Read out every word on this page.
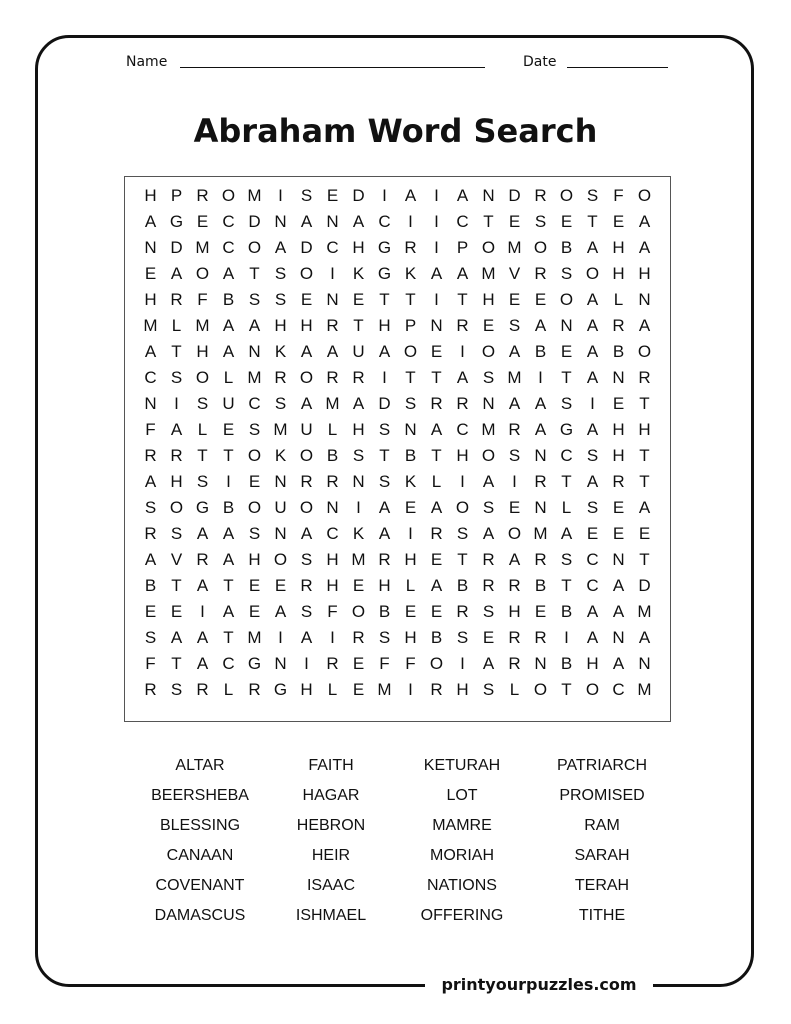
Name	Date
Abraham Word Search
H P R O M I	S E D	I	A	I	A N D R O S F O
A G E C D N A N A C	I	I	C T E S E T E A
N D M C O A D C H G R	I	P O M O B A H A
E A O A T S O	I	K G K A A M V R S O H H
H R F B S S E N E T T	I	T H E E O A L N
M L M A A H H R T H P N R E S A N A R A
A T H A N K A A U A O E	I	O A B E A B O
C S O L M R O R R	I	T T A S M I	T A N R
N	I	S U C S A M A D S R R N A A S	I	E T
F A L E S M U L H S N A C M R A G A H H
R R T T O K O B S T B T H O S N C S H T
A H S	I	E N R R N S K L	I	A	I	R T A R T
S O G B O U O N	I	A E A O S E N L S E A
R S A A S N A C K A	I	R S A O M A E E E
A V R A H O S H M R H E T R A R S C N T
B T A T E E R H E H L A B R R B T C A D
E E	I	A E A S F O B E E R S H E B A A M
S A A T M I	A	I	R S H B S E R R	I	A N A
F T A C G N	I	R E F F O	I	A R N B H A N
R S R L R G H L E M I	R H S L O T O C M
ALTAR	FAITH	KETURAH	PATRIARCH
BEERSHEBA	HAGAR	LOT	PROMISED
BLESSING	HEBRON	MAMRE	RAM
CANAAN	HEIR	MORIAH	SARAH
COVENANT	ISAAC	NATIONS	TERAH
DAMASCUS	ISHMAEL	OFFERING	TITHE
printyourpuzzles.com
